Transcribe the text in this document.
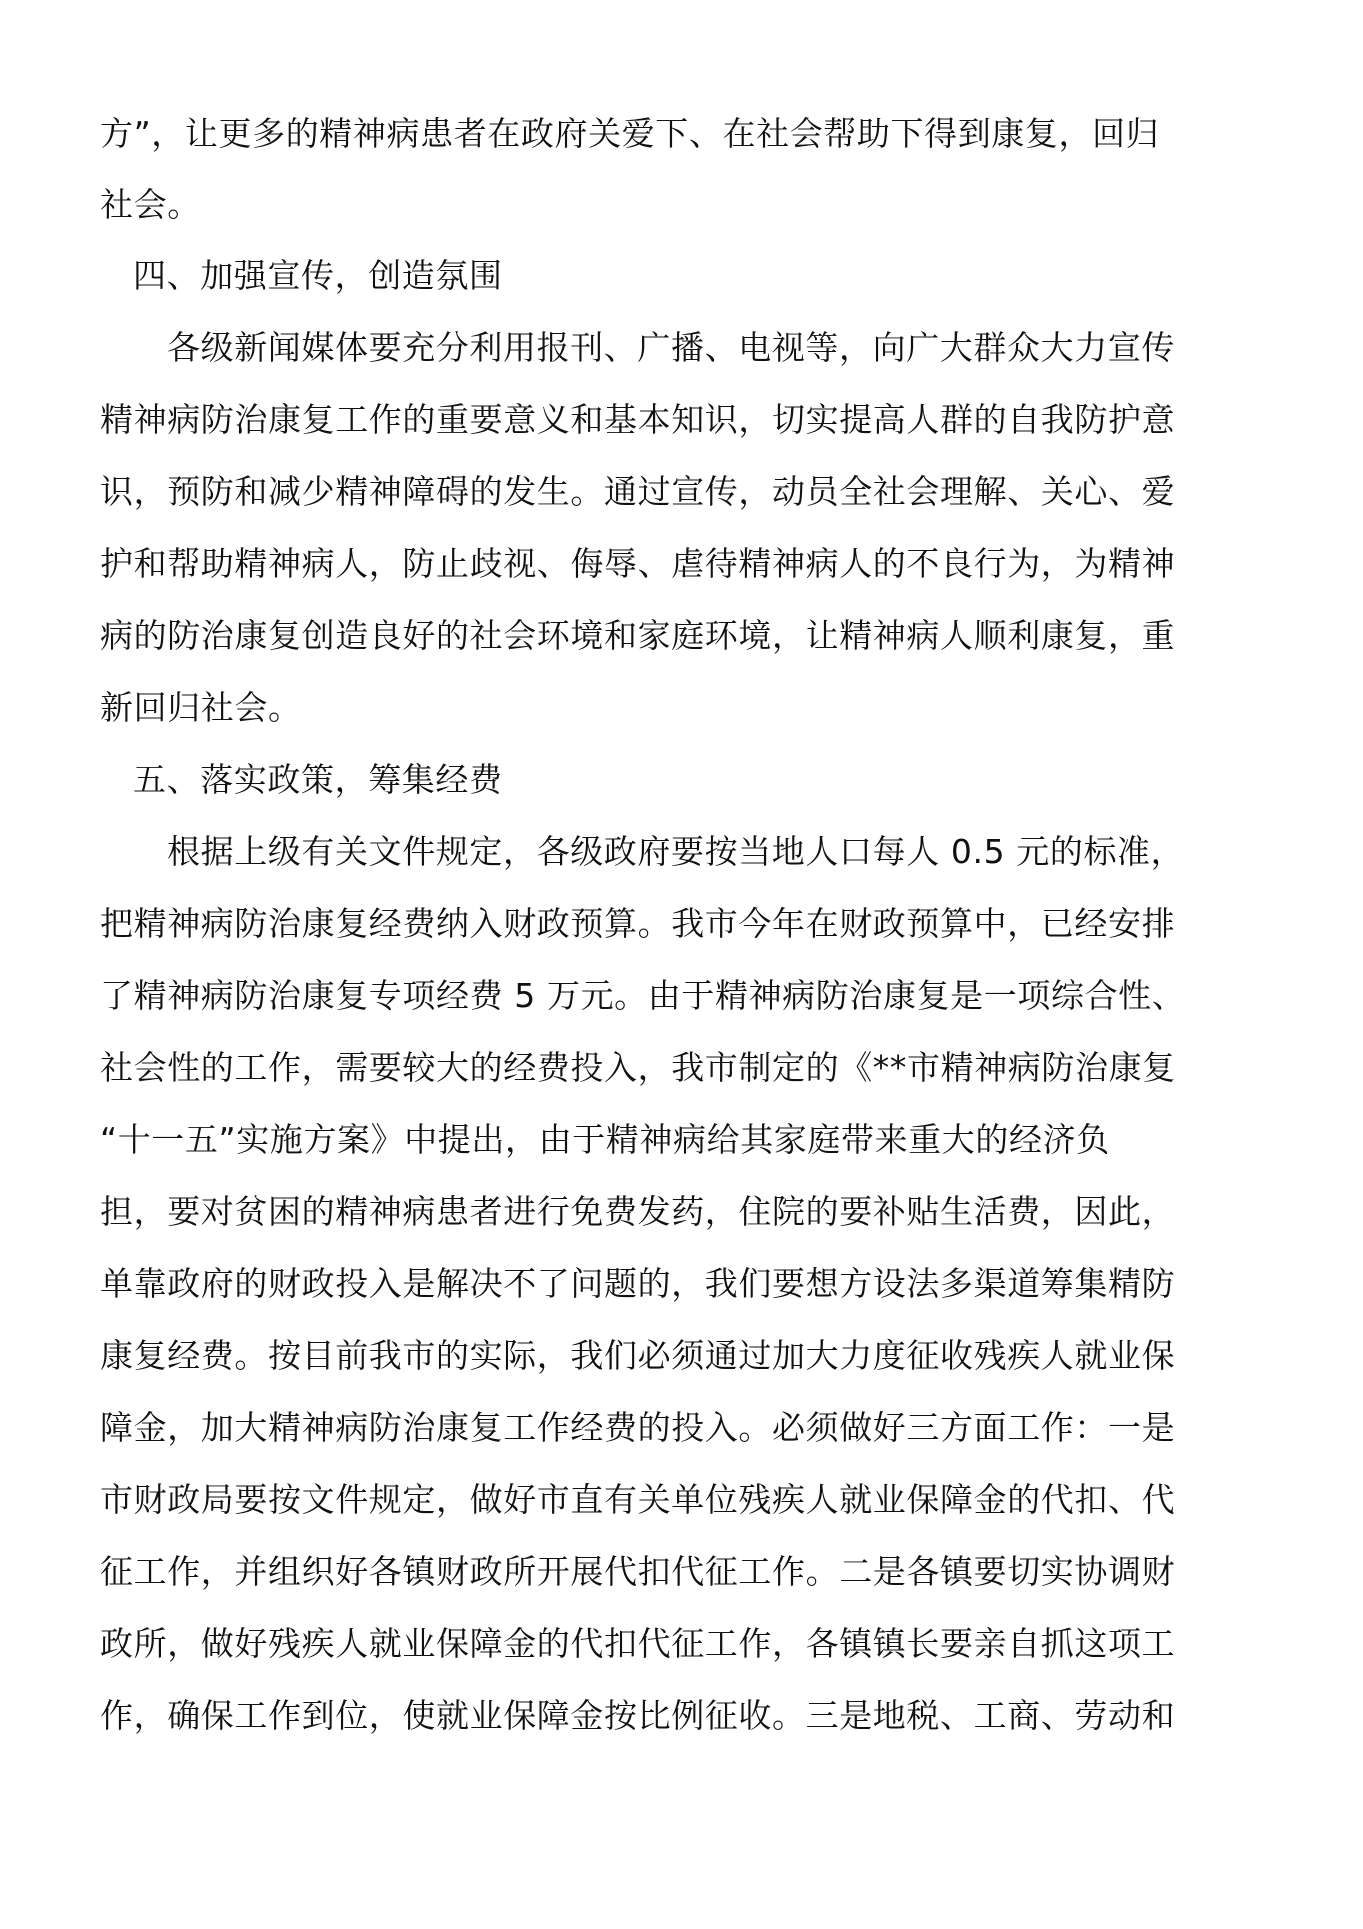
方”，让更多的精神病患者在政府关爱下、在社会帮助下得到康复，回归
社会。
四、加强宣传，创造氛围
各级新闻媒体要充分利用报刊、广播、电视等，向广大群众大力宣传
精神病防治康复工作的重要意义和基本知识，切实提高人群的自我防护意
识，预防和减少精神障碍的发生。通过宣传，动员全社会理解、关心、爱
护和帮助精神病人，防止歧视、侮辱、虐待精神病人的不良行为，为精神
病的防治康复创造良好的社会环境和家庭环境，让精神病人顺利康复，重
新回归社会。
五、落实政策，筹集经费
根据上级有关文件规定，各级政府要按当地人口每人 0.5 元的标准，
把精神病防治康复经费纳入财政预算。我市今年在财政预算中，已经安排
了精神病防治康复专项经费 5 万元。由于精神病防治康复是一项综合性、
社会性的工作，需要较大的经费投入，我市制定的《**市精神病防治康复
“十一五”实施方案》中提出，由于精神病给其家庭带来重大的经济负
担，要对贫困的精神病患者进行免费发药，住院的要补贴生活费，因此，
单靠政府的财政投入是解决不了问题的，我们要想方设法多渠道筹集精防
康复经费。按目前我市的实际，我们必须通过加大力度征收残疾人就业保
障金，加大精神病防治康复工作经费的投入。必须做好三方面工作：一是
市财政局要按文件规定，做好市直有关单位残疾人就业保障金的代扣、代
征工作，并组织好各镇财政所开展代扣代征工作。二是各镇要切实协调财
政所，做好残疾人就业保障金的代扣代征工作，各镇镇长要亲自抓这项工
作，确保工作到位，使就业保障金按比例征收。三是地税、工商、劳动和
